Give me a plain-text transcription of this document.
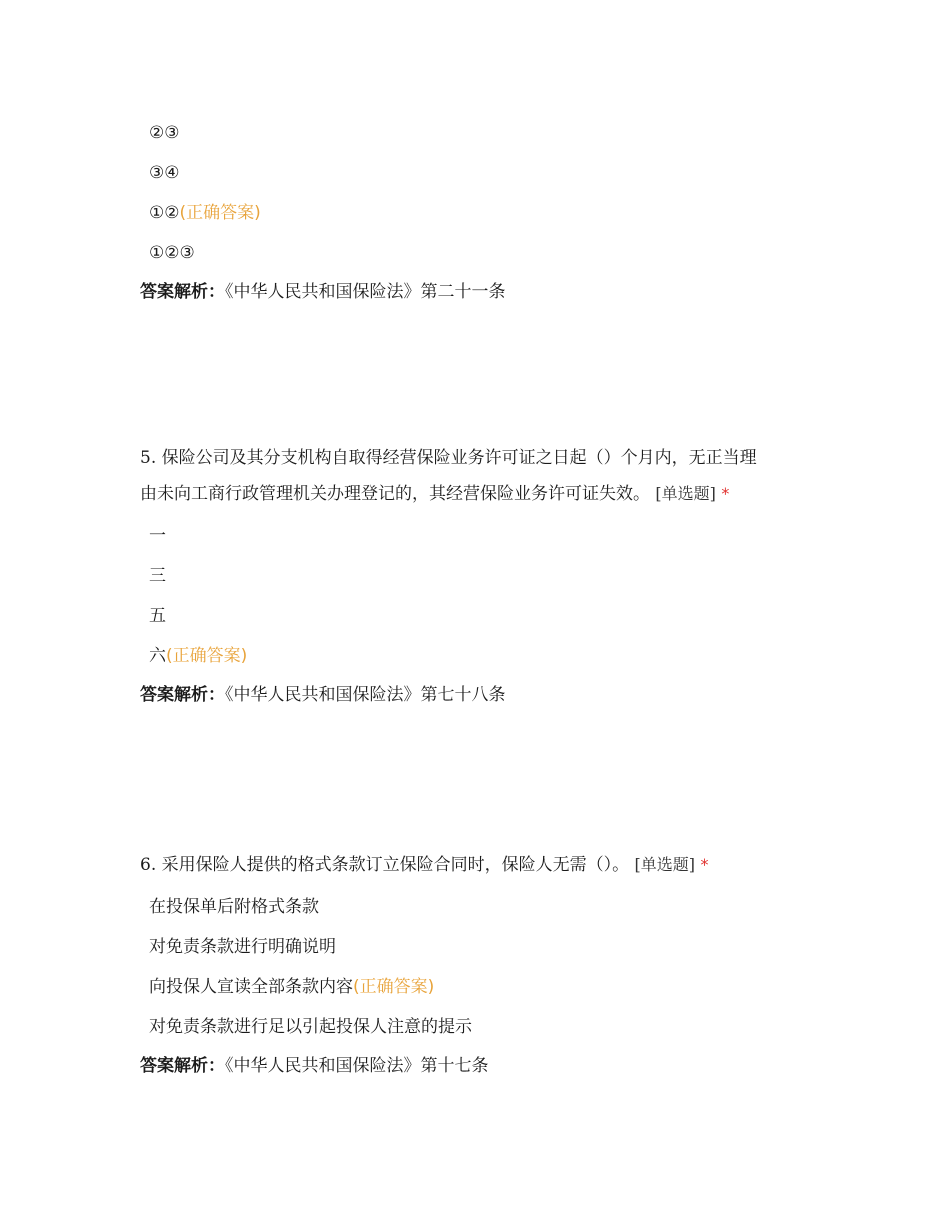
②③
③④
①②(正确答案)
①②③
答案解析：《中华人民共和国保险法》第二十一条
5. 保险公司及其分支机构自取得经营保险业务许可证之日起（）个月内，无正当理
由未向工商行政管理机关办理登记的，其经营保险业务许可证失效。 [单选题] *
一
三
五
六(正确答案)
答案解析：《中华人民共和国保险法》第七十八条
6. 采用保险人提供的格式条款订立保险合同时，保险人无需（）。 [单选题] *
在投保单后附格式条款
对免责条款进行明确说明
向投保人宣读全部条款内容(正确答案)
对免责条款进行足以引起投保人注意的提示
答案解析：《中华人民共和国保险法》第十七条
